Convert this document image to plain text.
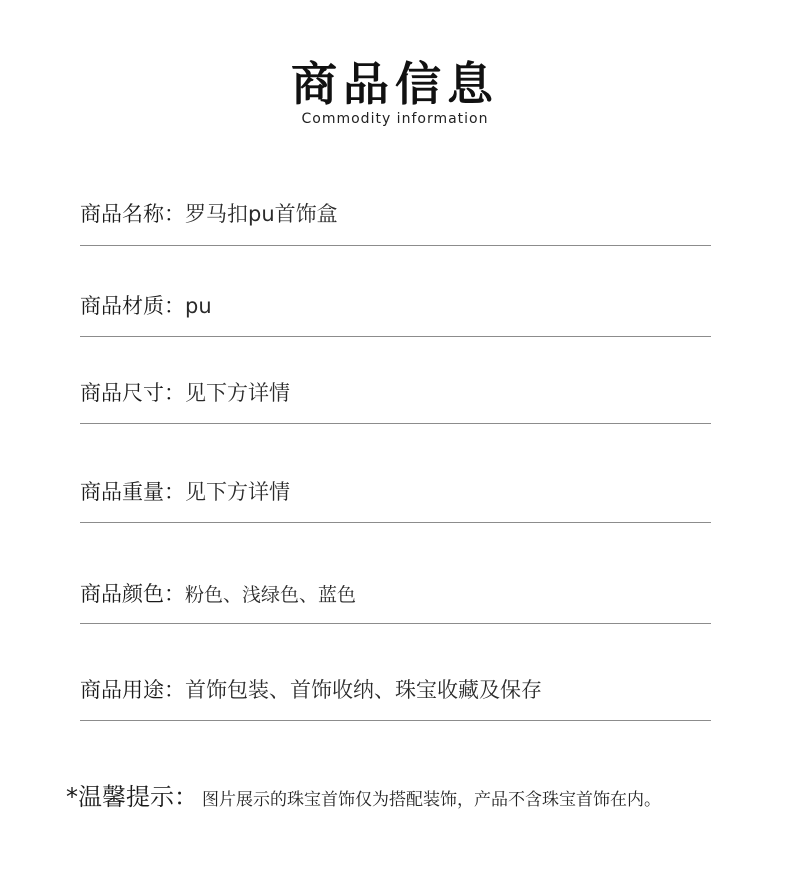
商品信息
Commodity information
商品名称：罗马扣pu首饰盒
商品材质：pu
商品尺寸：见下方详情
商品重量：见下方详情
商品颜色：粉色、浅绿色、蓝色
商品用途：首饰包装、首饰收纳、珠宝收藏及保存
*温馨提示： 图片展示的珠宝首饰仅为搭配装饰，产品不含珠宝首饰在内。
